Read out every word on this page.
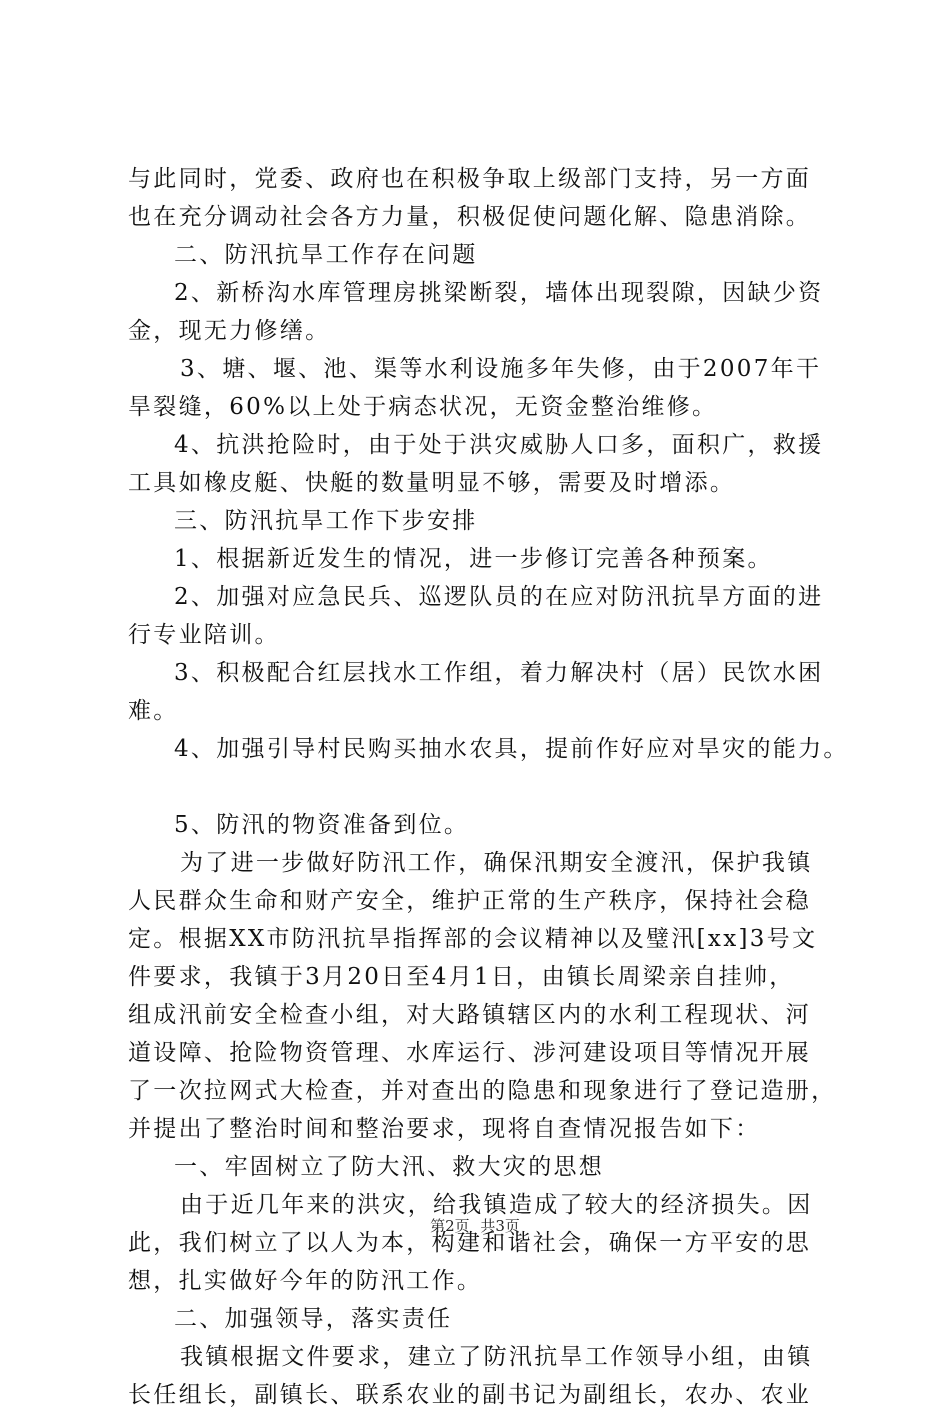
与此同时，党委、政府也在积极争取上级部门支持，另一方面
也在充分调动社会各方力量，积极促使问题化解、隐患消除。
二、防汛抗旱工作存在问题
2、新桥沟水库管理房挑梁断裂，墙体出现裂隙，因缺少资
金，现无力修缮。
3、塘、堰、池、渠等水利设施多年失修，由于2007年干
旱裂缝，60%以上处于病态状况，无资金整治维修。
4、抗洪抢险时，由于处于洪灾威胁人口多，面积广，救援
工具如橡皮艇、快艇的数量明显不够，需要及时增添。
三、防汛抗旱工作下步安排
1、根据新近发生的情况，进一步修订完善各种预案。
2、加强对应急民兵、巡逻队员的在应对防汛抗旱方面的进
行专业陪训。
3、积极配合红层找水工作组，着力解决村（居）民饮水困
难。
4、加强引导村民购买抽水农具，提前作好应对旱灾的能力。
5、防汛的物资准备到位。
为了进一步做好防汛工作，确保汛期安全渡汛，保护我镇
人民群众生命和财产安全，维护正常的生产秩序，保持社会稳
定。根据XX市防汛抗旱指挥部的会议精神以及璧汛[xx]3号文
件要求，我镇于3月20日至4月1日，由镇长周梁亲自挂帅，
组成汛前安全检查小组，对大路镇辖区内的水利工程现状、河
道设障、抢险物资管理、水库运行、涉河建设项目等情况开展
了一次拉网式大检查，并对查出的隐患和现象进行了登记造册，
并提出了整治时间和整治要求，现将自查情况报告如下：
一、牢固树立了防大汛、救大灾的思想
由于近几年来的洪灾，给我镇造成了较大的经济损失。因
此，我们树立了以人为本，构建和谐社会，确保一方平安的思
想，扎实做好今年的防汛工作。
二、加强领导，落实责任
我镇根据文件要求，建立了防汛抗旱工作领导小组，由镇
长任组长，副镇长、联系农业的副书记为副组长，农办、农业
第2页 共3页
